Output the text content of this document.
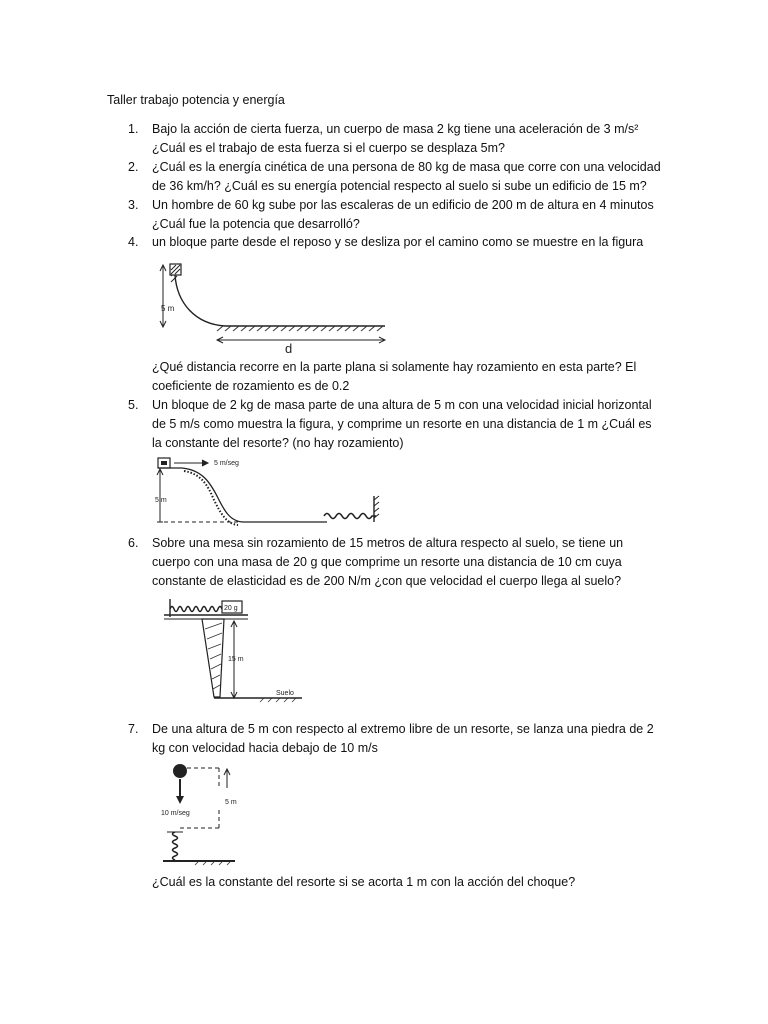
Taller trabajo potencia y energía
1.	Bajo la acción de cierta fuerza, un cuerpo de masa 2 kg tiene una aceleración de 3 m/s²
¿Cuál es el trabajo de esta fuerza si el cuerpo se desplaza 5m?
2.	¿Cuál es la energía cinética de una persona de 80 kg de masa que corre con una velocidad
de 36 km/h? ¿Cuál es su energía potencial respecto al suelo si sube un edificio de 15 m?
3.	Un hombre de 60 kg sube por las escaleras de un edificio de 200 m de altura en 4 minutos
¿Cuál fue la potencia que desarrolló?
4.	un bloque parte desde el reposo y se desliza por el camino como se muestre en la figura
5 m
d
¿Qué distancia recorre en la parte plana si solamente hay rozamiento en esta parte? El
coeficiente de rozamiento es de 0.2
5.	Un bloque de 2 kg de masa parte de una altura de 5 m con una velocidad inicial horizontal
de 5 m/s como muestra la figura, y comprime un resorte en una distancia de 1 m ¿Cuál es
la constante del resorte? (no hay rozamiento)
5 m/seg
5 m
6.	Sobre una mesa sin rozamiento de 15 metros de altura respecto al suelo, se tiene un
cuerpo con una masa de 20 g que comprime un resorte una distancia de 10 cm cuya
constante de elasticidad es de 200 N/m ¿con que velocidad el cuerpo llega al suelo?
20 g
15 m
Suelo
7.	De una altura de 5 m con respecto al extremo libre de un resorte, se lanza una piedra de 2
kg con velocidad hacia debajo de 10 m/s
10 m/seg
5 m
¿Cuál es la constante del resorte si se acorta 1 m con la acción del choque?
